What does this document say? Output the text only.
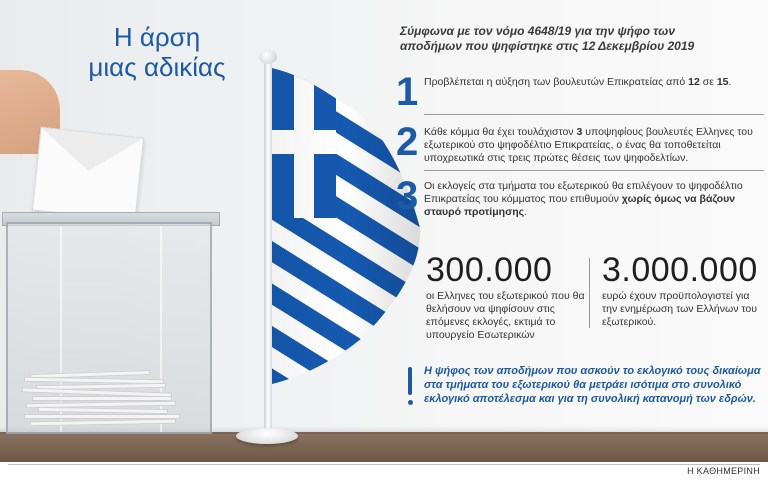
Η ΚΑΘΗΜΕΡΙΝΗ
Η άρση
μιας αδικίας
Σύμφωνα με τον νόμο 4648/19 για την ψήφο των αποδήμων που ψηφίστηκε στις 12 Δεκεμβρίου 2019
1 Προβλέπεται η αύξηση των βουλευτών Επικρατείας από 12 σε 15.
2 Κάθε κόμμα θα έχει τουλάχιστον 3 υποψηφίους βουλευτές Ελληνες του εξωτερικού στο ψηφοδέλτιο Επικρατείας, ο ένας θα τοποθετείται υποχρεωτικά στις τρεις πρώτες θέσεις των ψηφοδελτίων.
3 Οι εκλογείς στα τμήματα του εξωτερικού θα επιλέγουν το ψηφοδέλτιο Επικρατείας του κόμματος που επιθυμούν χωρίς όμως να βάζουν σταυρό προτίμησης.
300.000
οι Ελληνες του εξωτερικού που θα θελήσουν να ψηφίσουν στις επόμενες εκλογές, εκτιμά το υπουργείο Εσωτερικών
3.000.000
ευρώ έχουν προϋπολογιστεί για την ενημέρωση των Ελλήνων του εξωτερικού.
Η ψήφος των αποδήμων που ασκούν το εκλογικό τους δικαίωμα στα τμήματα του εξωτερικού θα μετράει ισότιμα στο συνολικό εκλογικό αποτέλεσμα και για τη συνολική κατανομή των εδρών.
